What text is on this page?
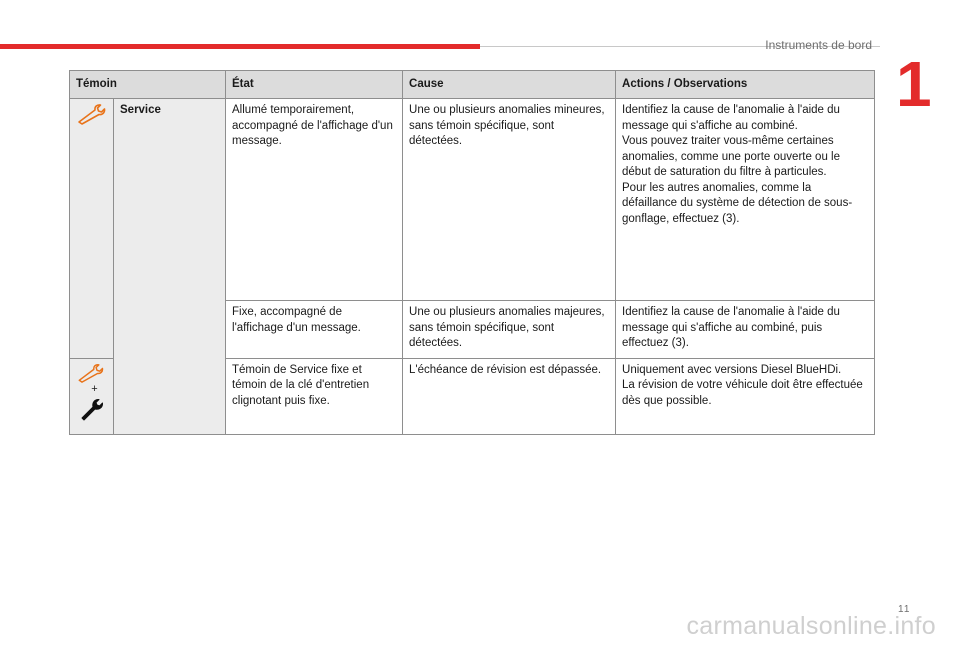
Instruments de bord
1
Témoin		État	Cause	Actions / Observations
	Service	Allumé temporairement, accompagné de l'affichage d'un message.	Une ou plusieurs anomalies mineures, sans témoin spécifique, sont détectées.	Identifiez la cause de l'anomalie à l'aide du message qui s'affiche au combiné.
Vous pouvez traiter vous-même certaines anomalies, comme une porte ouverte ou le début de saturation du filtre à particules.
Pour les autres anomalies, comme la défaillance du système de détection de sous-gonflage, effectuez (3).

		Fixe, accompagné de l'affichage d'un message.	Une ou plusieurs anomalies majeures, sans témoin spécifique, sont détectées.	Identifiez la cause de l'anomalie à l'aide du message qui s'affiche au combiné, puis effectuez (3).

+		Témoin de Service fixe et témoin de la clé d'entretien clignotant puis fixe.	L'échéance de révision est dépassée.	Uniquement avec versions Diesel BlueHDi.
La révision de votre véhicule doit être effectuée dès que possible.
11
carmanualsonline.info
